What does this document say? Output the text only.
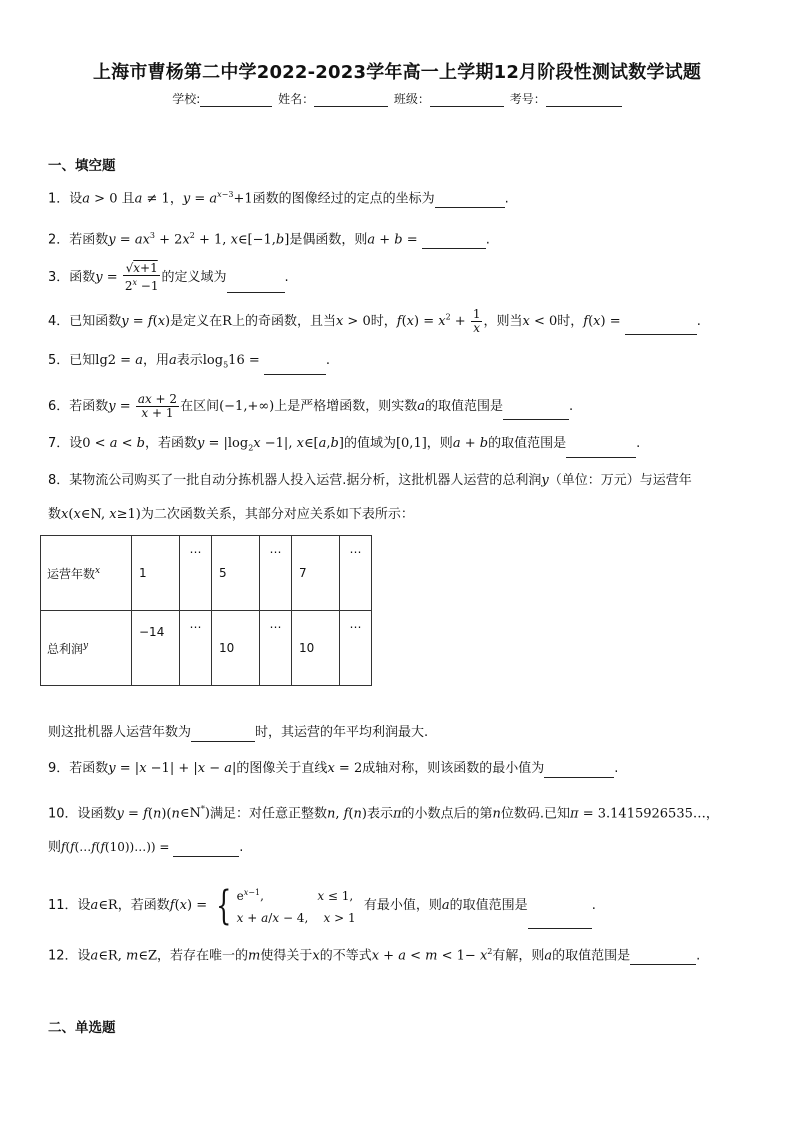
上海市曹杨第二中学2022-2023学年高一上学期12月阶段性测试数学试题
学校:	姓名：	班级：	考号：
一、填空题
1．设a > 0 且a ≠ 1，$y = a^{x-3}+1$函数的图像经过的定点的坐标为	.
2．若函数$y = ax^3 + 2x^2 + 1$, x∈[−1,b]是偶函数，则a + b =	.
3．函数$y = \frac{√x+1}{2^x -1}$ 的定义域为	.
4．已知函数y = f(x)是定义在R上的奇函数，且当x > 0时，$f(x) = x^2 + \frac{1}{x}$ ，则当x < 0时，f(x) =	.
5．已知lg2 = a，用a表示$\log_516$ =	.
6．若函数$y = \frac{ax + 2}{x + 1}$ 在区间(−1,+∞)上是严格增函数，则实数a的取值范围是	.
7．设0 < a < b，若函数$y = |\log_2x -1|$, x∈[a,b]的值域为[0,1]，则a + b的取值范围是	.
8．某物流公司购买了一批自动分拣机器人投入运营.据分析，这批机器人运营的总利润y（单位：万元）与运营年
数x(x∈N, x≥1)为二次函数关系，其部分对应关系如下表所示：
运营年数$^x$	1	…	5	…	7	…
总利润$^y$	−14	…	10	…	10	…
则这批机器人运营年数为	时，其运营的年平均利润最大.
9．若函数y = |x −1| + |x − a|的图像关于直线x = 2成轴对称，则该函数的最小值为	.
10．设函数y = f(n)(n∈N*)满足：对任意正整数n, f(n)表示π的小数点后的第n位数码.已知π = 3.1415926535…，
则f(f(…f(f(10))…)) =	.
11．设a∈R，若函数f(x) = { $e^{x-1}$,              x ≤ 1,
x + a/x − 4,    x > 1  有最小值，则a的取值范围是	.
12．设a∈R, m∈Z，若存在唯一的m使得关于x的不等式$x + a < m < 1- x^2$有解，则a的取值范围是	.
二、单选题
